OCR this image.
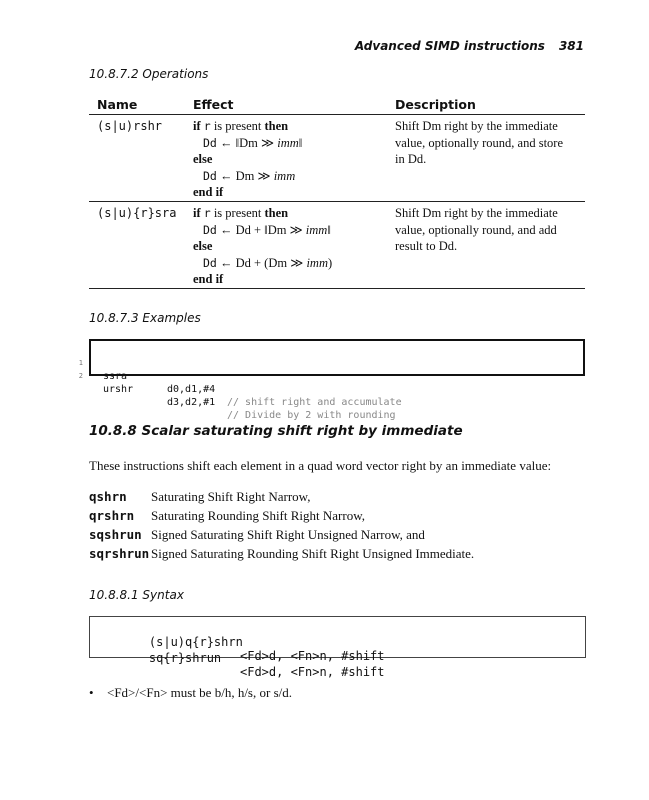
Advanced SIMD instructions 381
10.8.7.2 Operations
Name	Effect	Description
(s|u)rshr if r is present then
Dd ← ‖Dm ≫ imm‖
else
Dd ← Dm ≫ imm
end if
Shift Dm right by the immediate
value, optionally round, and store
in Dd.
(s|u){r}sra if r is present then
Dd ← Dd + ‖Dm ≫ imm‖
else
Dd ← Dd + (Dm ≫ imm)
end if
Shift Dm right by the immediate
value, optionally round, and add
result to Dd.
10.8.7.3 Examples

1

ssra

d0,d1,#4

// shift right and accumulate

2

urshr

d3,d2,#1

// Divide by 2 with rounding

10.8.8 Scalar saturating shift right by immediate
These instructions shift each element in a quad word vector right by an immediate value:
qshrn Saturating Shift Right Narrow,
qrshrn Saturating Rounding Shift Right Narrow,
sqshrun Signed Saturating Shift Right Unsigned Narrow, and
sqrshrun Signed Saturating Rounding Shift Right Unsigned Immediate.
10.8.8.1 Syntax

(s|u)q{r}shrn

<Fd>d, <Fn>n, #shift

sq{r}shrun

<Fd>d, <Fn>n, #shift

• <Fd>/<Fn> must be b/h, h/s, or s/d.
